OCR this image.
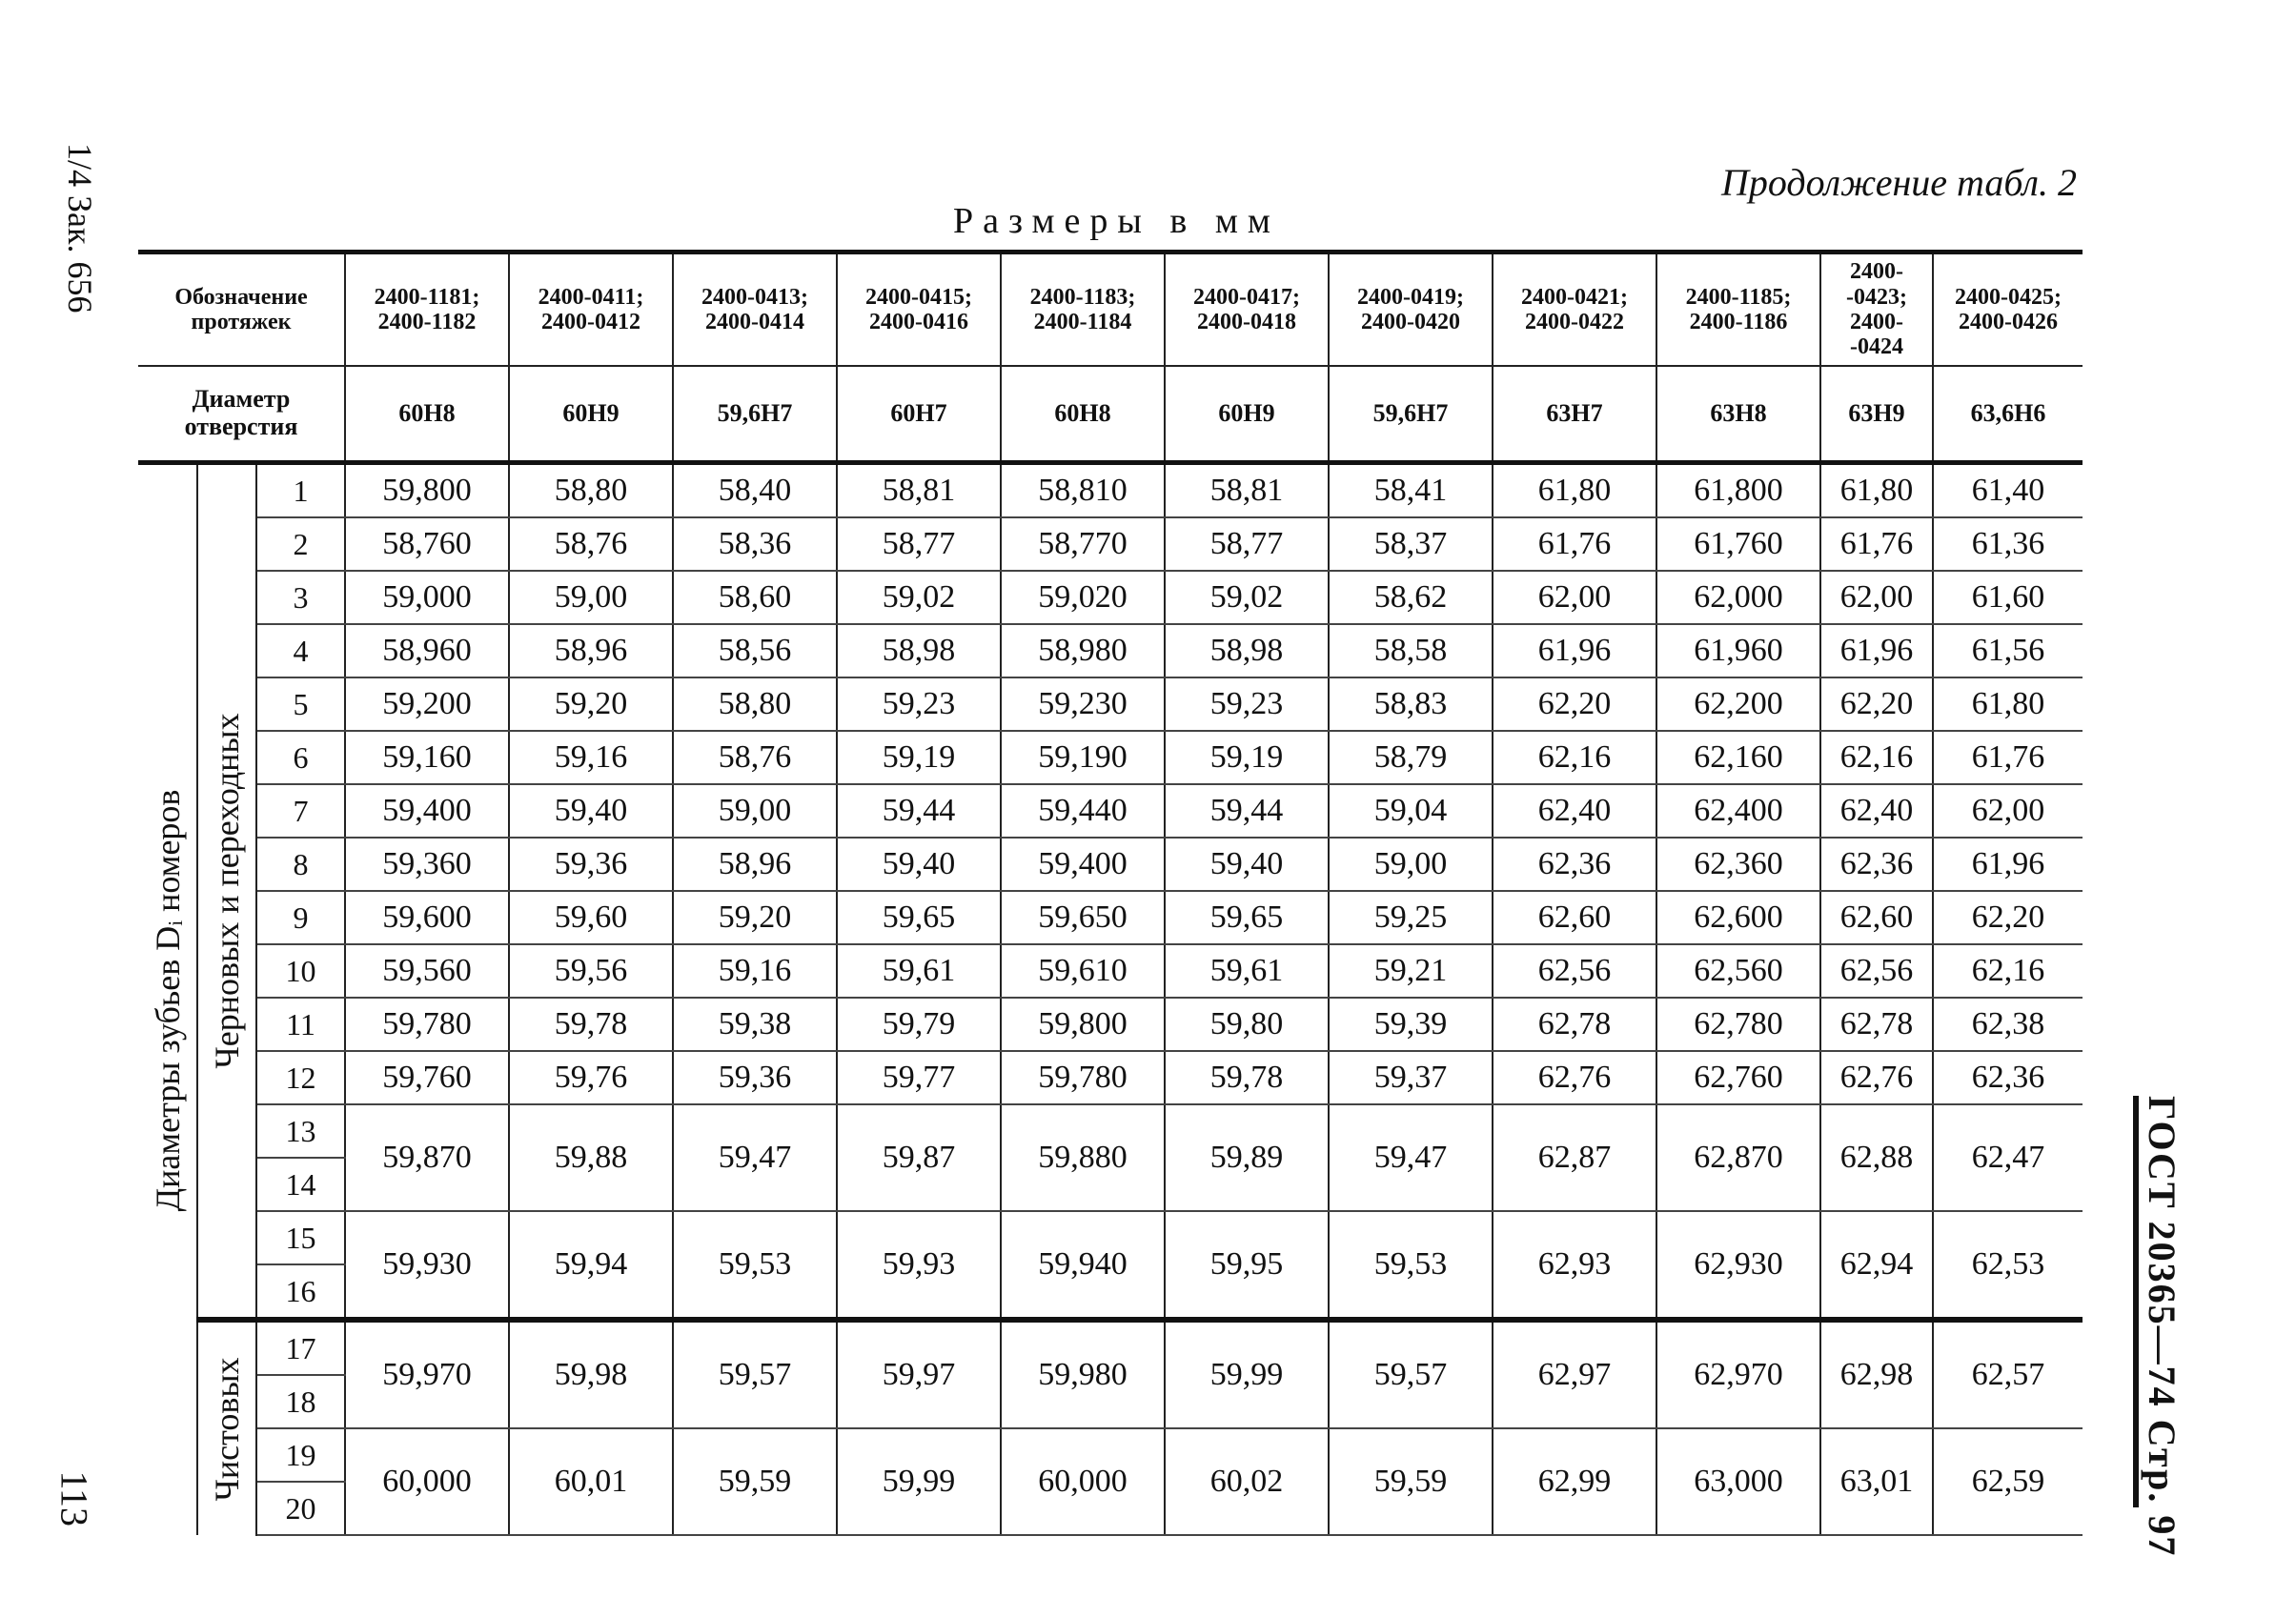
1/4 Зак. 656
113
Продолжение табл. 2
Размеры в мм
ГОСТ 20365—74 Стр. 97
Обозначение протяжек			2400-1181; 2400-1182	2400-0411; 2400-0412	2400-0413; 2400-0414	2400-0415; 2400-0416	2400-1183; 2400-1184	2400-0417; 2400-0418	2400-0419; 2400-0420	2400-0421; 2400-0422	2400-1185; 2400-1186	2400- -0423; 2400- -0424	2400-0425; 2400-0426
Диаметр отверстия			60H8	60H9	59,6H7	60H7	60H8	60H9	59,6H7	63H7	63H8	63H9	63,6H6

Диаметры зубьев Dᵢ номеров	Черновых и переходных	1	59,800	58,80	58,40	58,81	58,810	58,81	58,41	61,80	61,800	61,80	61,40
		2	58,760	58,76	58,36	58,77	58,770	58,77	58,37	61,76	61,760	61,76	61,36
		3	59,000	59,00	58,60	59,02	59,020	59,02	58,62	62,00	62,000	62,00	61,60
		4	58,960	58,96	58,56	58,98	58,980	58,98	58,58	61,96	61,960	61,96	61,56
		5	59,200	59,20	58,80	59,23	59,230	59,23	58,83	62,20	62,200	62,20	61,80
		6	59,160	59,16	58,76	59,19	59,190	59,19	58,79	62,16	62,160	62,16	61,76
		7	59,400	59,40	59,00	59,44	59,440	59,44	59,04	62,40	62,400	62,40	62,00
		8	59,360	59,36	58,96	59,40	59,400	59,40	59,00	62,36	62,360	62,36	61,96
		9	59,600	59,60	59,20	59,65	59,650	59,65	59,25	62,60	62,600	62,60	62,20
		10	59,560	59,56	59,16	59,61	59,610	59,61	59,21	62,56	62,560	62,56	62,16
		11	59,780	59,78	59,38	59,79	59,800	59,80	59,39	62,78	62,780	62,78	62,38
		12	59,760	59,76	59,36	59,77	59,780	59,78	59,37	62,76	62,760	62,76	62,36
		13	59,870	59,88	59,47	59,87	59,880	59,89	59,47	62,87	62,870	62,88	62,47
		14											
		15	59,930	59,94	59,53	59,93	59,940	59,95	59,53	62,93	62,930	62,94	62,53
		16											

	Чистовых	17	59,970	59,98	59,57	59,97	59,980	59,99	59,57	62,97	62,970	62,98	62,57
		18											
		19	60,000	60,01	59,59	59,99	60,000	60,02	59,59	62,99	63,000	63,01	62,59
		20											
